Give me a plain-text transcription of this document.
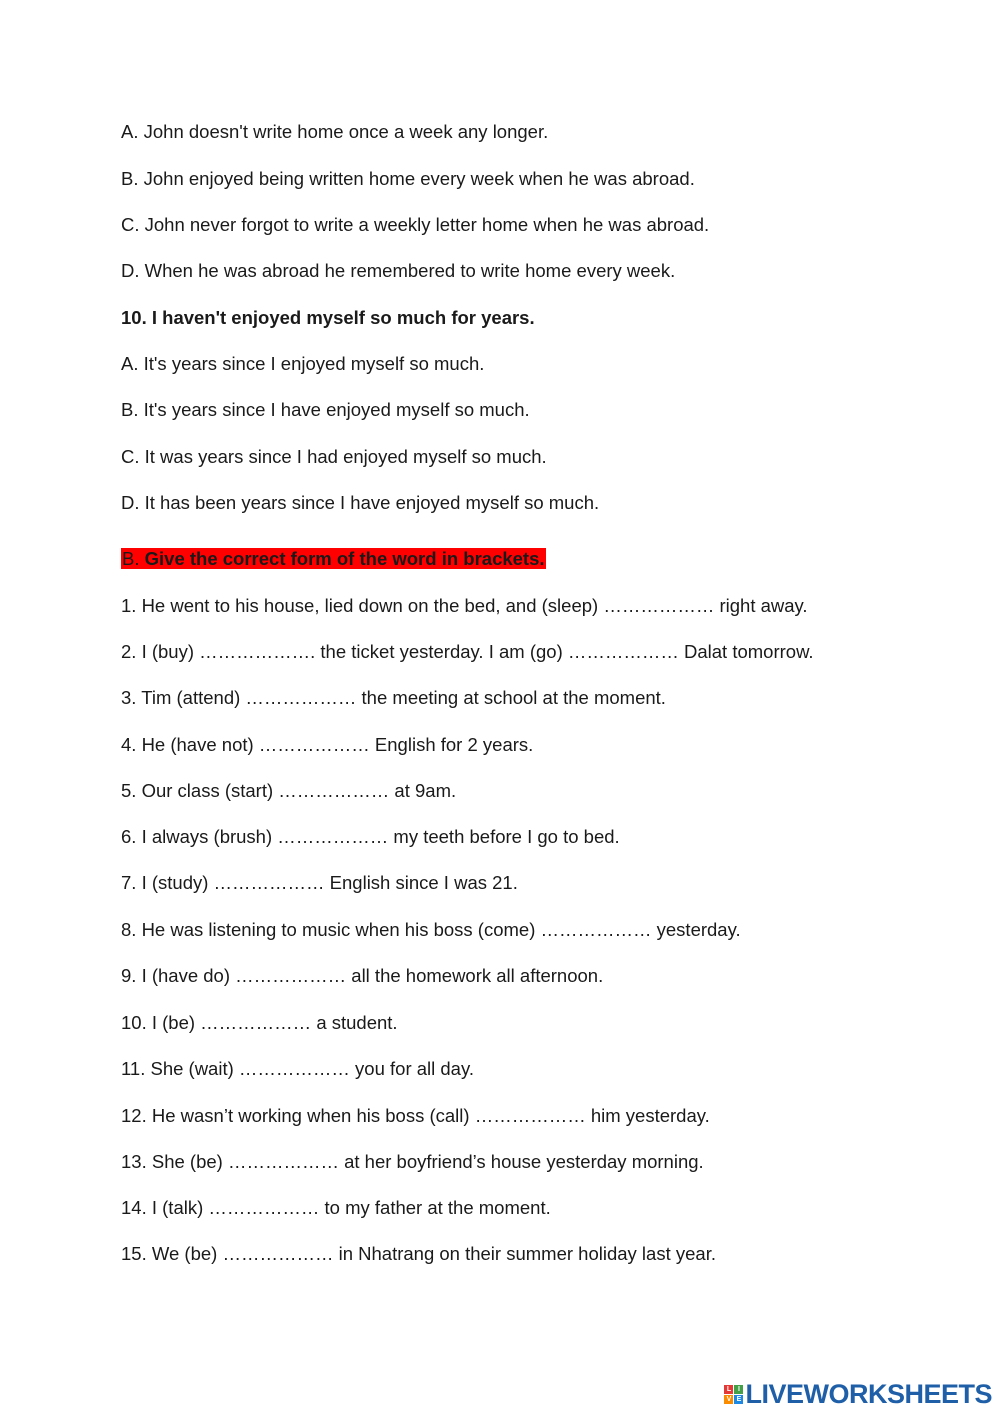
A. John doesn't write home once a week any longer.
B. John enjoyed being written home every week when he was abroad.
C. John never forgot to write a weekly letter home when he was abroad.
D. When he was abroad he remembered to write home every week.
10. I haven't enjoyed myself so much for years.
A. It's years since I enjoyed myself so much.
B. It's years since I have enjoyed myself so much.
C. It was years since I had enjoyed myself so much.
D. It has been years since I have enjoyed myself so much.
B. Give the correct form of the word in brackets.
1. He went to his house, lied down on the bed, and (sleep) ……………… right away.
2. I (buy) ………………. the ticket yesterday. I am (go) ……………… Dalat tomorrow.
3. Tim (attend) ……………… the meeting at school at the moment.
4. He (have not) ……………… English for 2 years.
5. Our class (start) ……………… at 9am.
6. I always (brush) ……………… my teeth before I go to bed.
7. I (study) ……………… English since I was 21.
8. He was listening to music when his boss (come) ……………… yesterday.
9. I (have do) ……………… all the homework all afternoon.
10. I (be) ……………… a student.
11. She (wait) ……………… you for all day.
12. He wasn’t working when his boss (call) ……………… him yesterday.
13. She (be) ……………… at her boyfriend’s house yesterday morning.
14. I (talk) ……………… to my father at the moment.
15. We (be) ……………… in Nhatrang on their summer holiday last year.
L I
V E LIVEWORKSHEETS
